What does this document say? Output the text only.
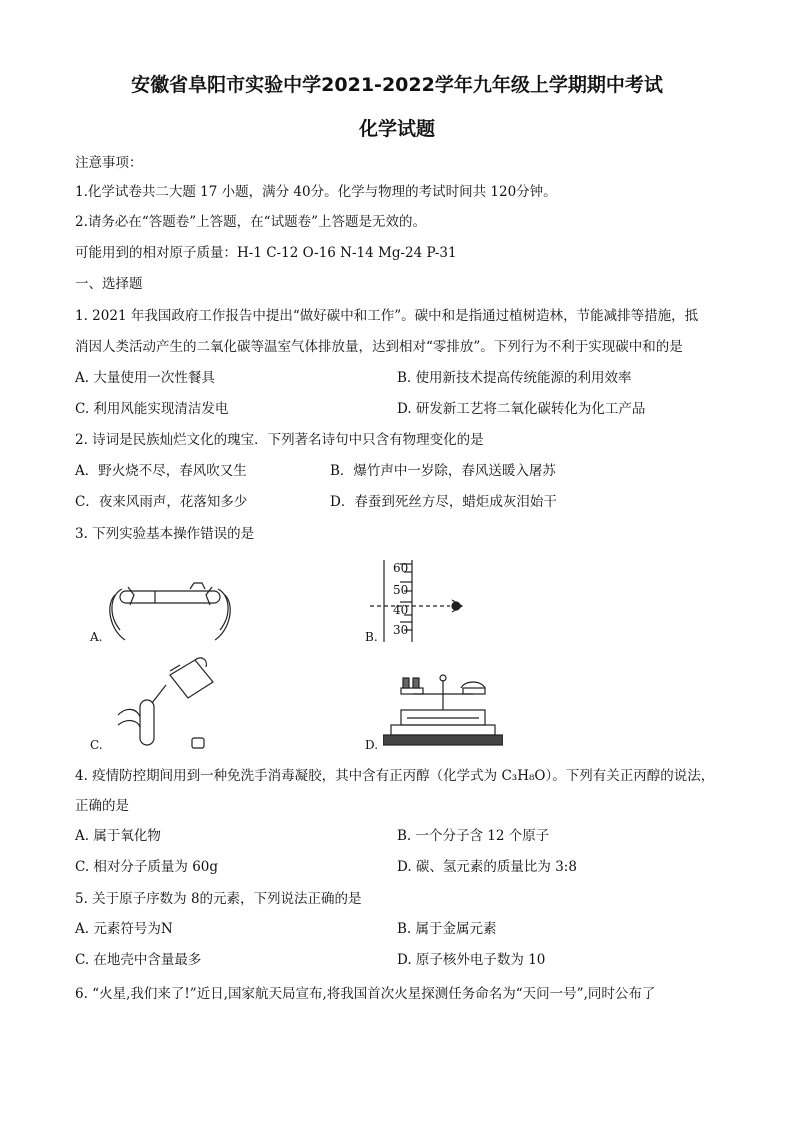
安徽省阜阳市实验中学2021-2022学年九年级上学期期中考试
化学试题
注意事项：
1.化学试卷共二大题 17 小题，满分 40分。化学与物理的考试时间共 120分钟。
2.请务必在“答题卷”上答题，在“试题卷”上答题是无效的。
可能用到的相对原子质量：H-1 C-12 O-16 N-14 Mg-24 P-31
一、选择题
1. 2021 年我国政府工作报告中提出“做好碳中和工作”。碳中和是指通过植树造林，节能减排等措施，抵
消因人类活动产生的二氧化碳等温室气体排放量，达到相对“零排放”。下列行为不利于实现碳中和的是
A. 大量使用一次性餐具	B. 使用新技术提高传统能源的利用效率
C. 利用风能实现清洁发电	D. 研发新工艺将二氧化碳转化为化工产品
2. 诗词是民族灿烂文化的瑰宝．下列著名诗句中只含有物理变化的是
A．野火烧不尽，春风吹又生	B．爆竹声中一岁除，春风送暖入屠苏
C．夜来风雨声，花落知多少	D．春蚕到死丝方尽，蜡炬成灰泪始干
3. 下列实验基本操作错误的是
A.
60
50
40
30
B.
C.	D.
4. 疫情防控期间用到一种免洗手消毒凝胶，其中含有正丙醇（化学式为 C₃H₈O）。下列有关正丙醇的说法，
正确的是
A. 属于氧化物	B. 一个分子含 12 个原子
C. 相对分子质量为 60g	D. 碳、氢元素的质量比为 3:8
5. 关于原子序数为 8的元素，下列说法正确的是
A. 元素符号为N	B. 属于金属元素
C. 在地壳中含量最多	D. 原子核外电子数为 10
6. “火星,我们来了!”近日,国家航天局宣布,将我国首次火星探测任务命名为“天问一号”,同时公布了
